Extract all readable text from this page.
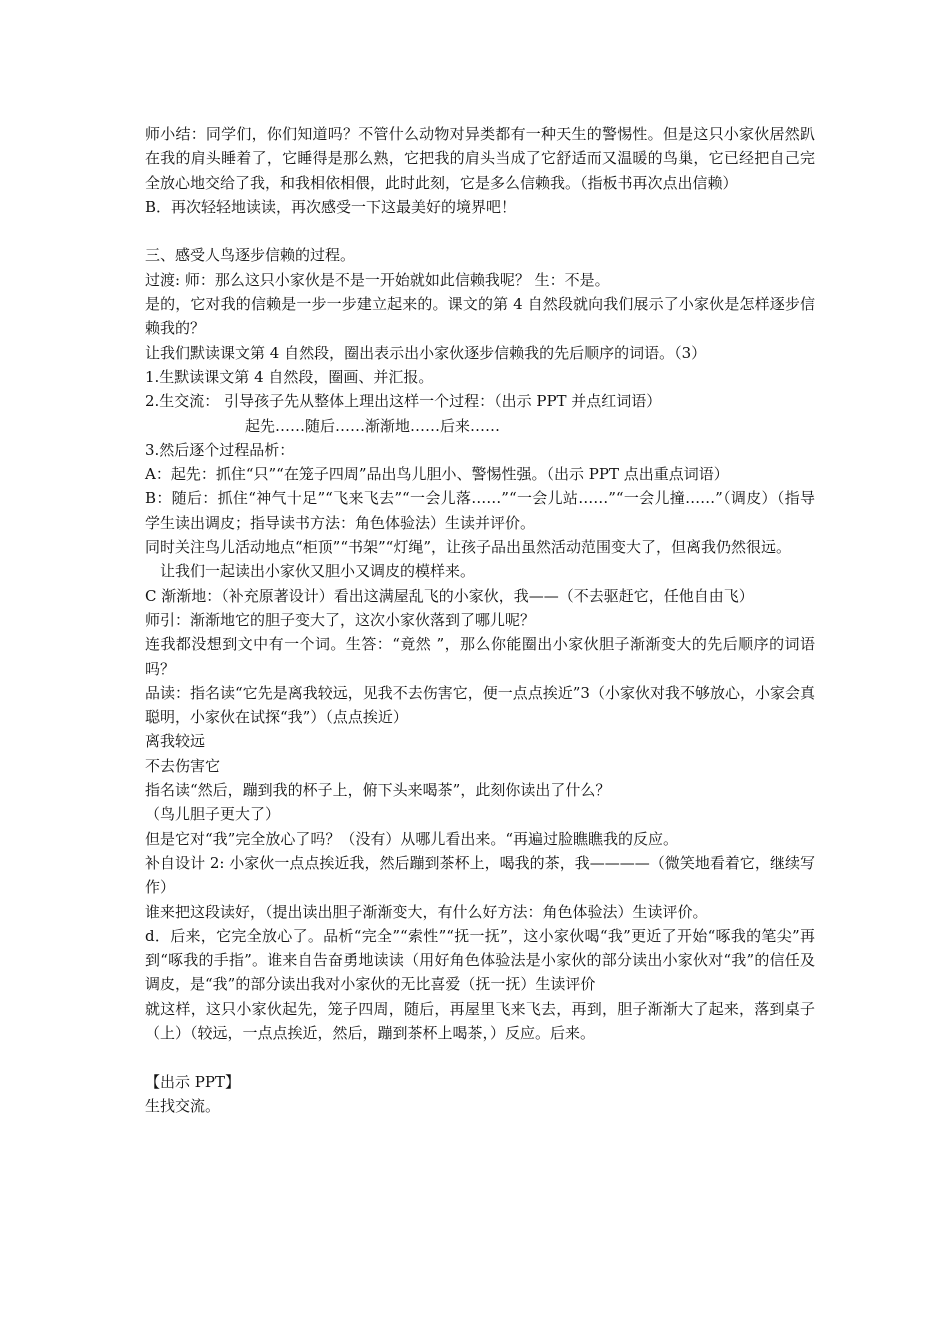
师小结：同学们，你们知道吗？不管什么动物对异类都有一种天生的警惕性。但是这只小家伙居然趴在我的肩头睡着了，它睡得是那么熟，它把我的肩头当成了它舒适而又温暖的鸟巢，它已经把自己完全放心地交给了我，和我相依相偎，此时此刻，它是多么信赖我。（指板书再次点出信赖）
B．再次轻轻地读读，再次感受一下这最美好的境界吧！
三、感受人鸟逐步信赖的过程。
过渡: 师：那么这只小家伙是不是一开始就如此信赖我呢？ 生：不是。
是的，它对我的信赖是一步一步建立起来的。课文的第 4 自然段就向我们展示了小家伙是怎样逐步信赖我的？
让我们默读课文第 4 自然段，圈出表示出小家伙逐步信赖我的先后顺序的词语。（3）
1.生默读课文第 4 自然段，圈画、并汇报。
2.生交流： 引导孩子先从整体上理出这样一个过程：（出示 PPT 并点红词语）
起先……随后……渐渐地……后来……
3.然后逐个过程品析：
A：起先：抓住“只”“在笼子四周”品出鸟儿胆小、警惕性强。（出示 PPT 点出重点词语）
B：随后：抓住“神气十足”“飞来飞去”“一会儿落……”“一会儿站……”“一会儿撞……”（调皮）（指导学生读出调皮；指导读书方法：角色体验法）生读并评价。
同时关注鸟儿活动地点“柜顶”“书架”“灯绳”，让孩子品出虽然活动范围变大了，但离我仍然很远。
让我们一起读出小家伙又胆小又调皮的模样来。
C 渐渐地：（补充原著设计）看出这满屋乱飞的小家伙，我——（不去驱赶它，任他自由飞）
师引：渐渐地它的胆子变大了，这次小家伙落到了哪儿呢？
连我都没想到文中有一个词。生答：“竟然 ”，那么你能圈出小家伙胆子渐渐变大的先后顺序的词语吗？
品读：指名读“它先是离我较远，见我不去伤害它，便一点点挨近”3（小家伙对我不够放心，小家会真聪明，小家伙在试探“我”）（点点挨近）
离我较远
不去伤害它
指名读“然后，蹦到我的杯子上，俯下头来喝茶”，此刻你读出了什么？
（鸟儿胆子更大了）
但是它对“我”完全放心了吗？（没有）从哪儿看出来。“再遍过脸瞧瞧我的反应。
补自设计 2: 小家伙一点点挨近我，然后蹦到茶杯上，喝我的茶，我————（微笑地看着它，继续写作）
谁来把这段读好，（提出读出胆子渐渐变大，有什么好方法：角色体验法）生读评价。
d．后来，它完全放心了。品析“完全”“索性”“抚一抚”，这小家伙喝“我”更近了开始“啄我的笔尖”再到“啄我的手指”。谁来自告奋勇地读读（用好角色体验法是小家伙的部分读出小家伙对“我”的信任及调皮，是“我”的部分读出我对小家伙的无比喜爱（抚一抚）生读评价
就这样，这只小家伙起先，笼子四周，随后，再屋里飞来飞去，再到，胆子渐渐大了起来，落到桌子（上）（较远，一点点挨近，然后，蹦到茶杯上喝茶，）反应。后来。
【出示 PPT】
生找交流。
